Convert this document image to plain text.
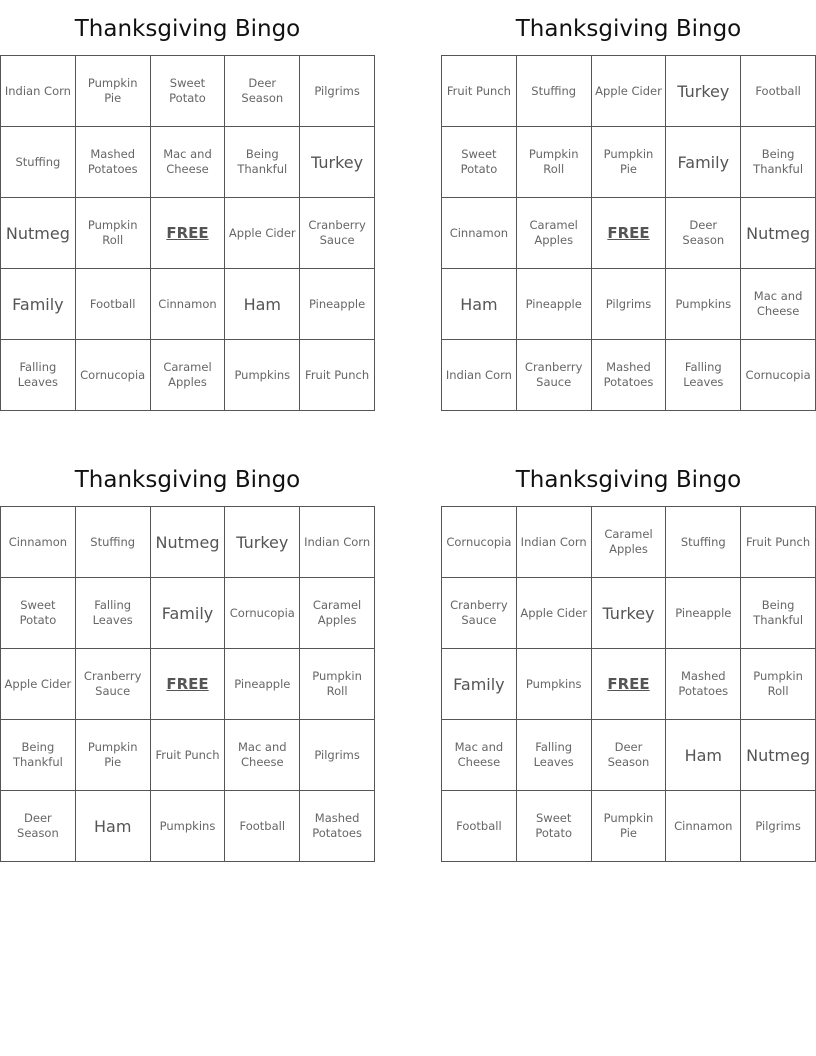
Thanksgiving Bingo
Indian Corn	Pumpkin Pie	Sweet Potato	Deer Season	Pilgrims
Stuffing	Mashed Potatoes	Mac and Cheese	Being Thankful	Turkey
Nutmeg	Pumpkin Roll	FREE	Apple Cider	Cranberry Sauce
Family	Football	Cinnamon	Ham	Pineapple
Falling Leaves	Cornucopia	Caramel Apples	Pumpkins	Fruit Punch
Thanksgiving Bingo
Fruit Punch	Stuffing	Apple Cider	Turkey	Football
Sweet Potato	Pumpkin Roll	Pumpkin Pie	Family	Being Thankful
Cinnamon	Caramel Apples	FREE	Deer Season	Nutmeg
Ham	Pineapple	Pilgrims	Pumpkins	Mac and Cheese
Indian Corn	Cranberry Sauce	Mashed Potatoes	Falling Leaves	Cornucopia
Thanksgiving Bingo
Cinnamon	Stuffing	Nutmeg	Turkey	Indian Corn
Sweet Potato	Falling Leaves	Family	Cornucopia	Caramel Apples
Apple Cider	Cranberry Sauce	FREE	Pineapple	Pumpkin Roll
Being Thankful	Pumpkin Pie	Fruit Punch	Mac and Cheese	Pilgrims
Deer Season	Ham	Pumpkins	Football	Mashed Potatoes
Thanksgiving Bingo
Cornucopia	Indian Corn	Caramel Apples	Stuffing	Fruit Punch
Cranberry Sauce	Apple Cider	Turkey	Pineapple	Being Thankful
Family	Pumpkins	FREE	Mashed Potatoes	Pumpkin Roll
Mac and Cheese	Falling Leaves	Deer Season	Ham	Nutmeg
Football	Sweet Potato	Pumpkin Pie	Cinnamon	Pilgrims
